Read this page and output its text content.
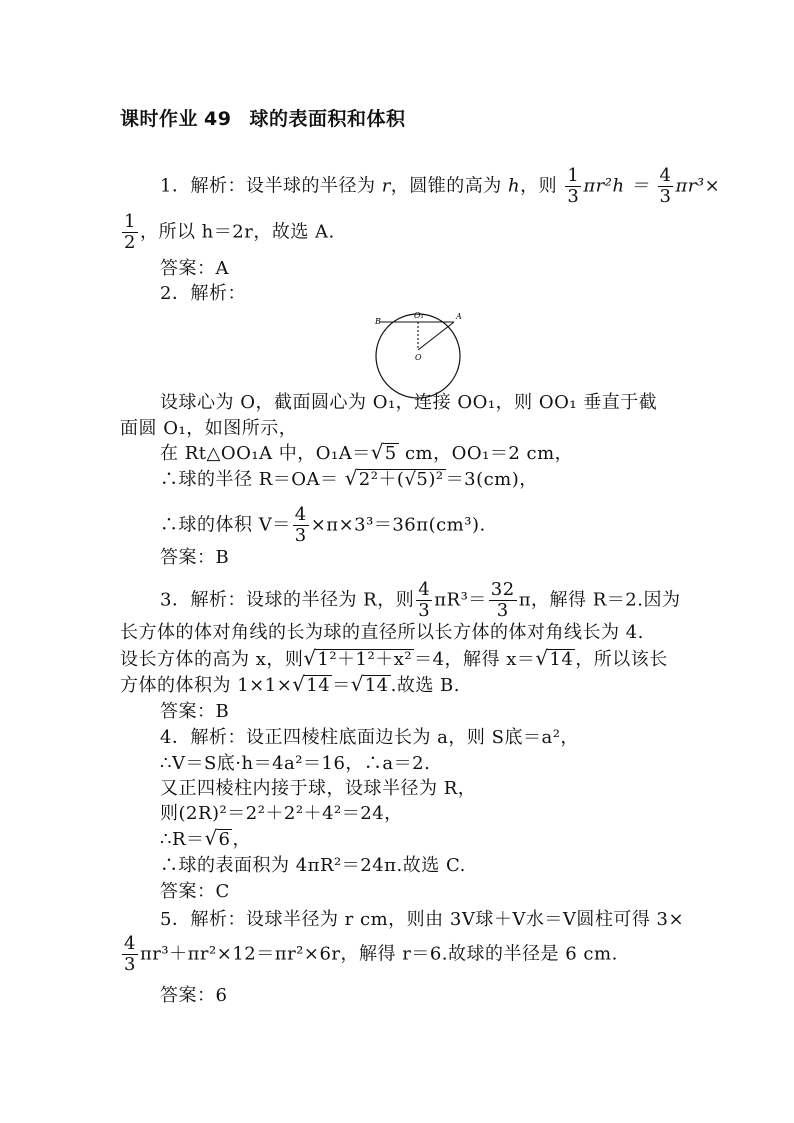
课时作业 49 球的表面积和体积
1．解析：设半球的半径为 r，圆锥的高为 h，则 $\frac{1}{3} \pi r^2h = \frac{4}{3} \pi r^3\times$
$\frac{1}{2}$ ，所以 h＝2r，故选 A.
答案：A
2．解析：
B
O₁	A
O
设球心为 O，截面圆心为 O₁，连接 OO₁，则 OO₁ 垂直于截
面圆 O₁，如图所示，
在 Rt△OO₁A 中，O₁A＝ √ 5 cm，OO₁＝2 cm，
∴球的半径 R＝OA＝ √ 2²＋(√5)² ＝3(cm)，
∴球的体积 $V= \frac{4}{3} \times\pi\times 3^3=36\pi(cm^3)$.
答案：B
3．解析：设球的半径为 R，则 $\frac{4}{3} \pi R^3= \frac{32}{3}$ π，解得 R＝2.因为
长方体的体对角线的长为球的直径所以长方体的体对角线长为 4.
设长方体的高为 x，则 √ 1²＋1²＋x² ＝4，解得 x＝ √ 14 ，所以该长
方体的体积为 1×1× √ 14 ＝ √ 14 .故选 B.
答案：B
4．解析：设正四棱柱底面边长为 a，则 S底＝a²，
∴V＝S底·h＝4a²＝16，∴a＝2.
又正四棱柱内接于球，设球半径为 R，
则(2R)²＝2²＋2²＋4²＝24，
∴R＝ √ 6 ，
∴球的表面积为 4πR²＝24π.故选 C.
答案：C
5．解析：设球半径为 r cm，则由 3V球＋V水＝V圆柱可得 3×
$\frac{4}{3} \pi r^3+\pi r^2\times 12=\pi r^2\times 6r$，解得 r＝6.故球的半径是 6 cm.
答案：6
